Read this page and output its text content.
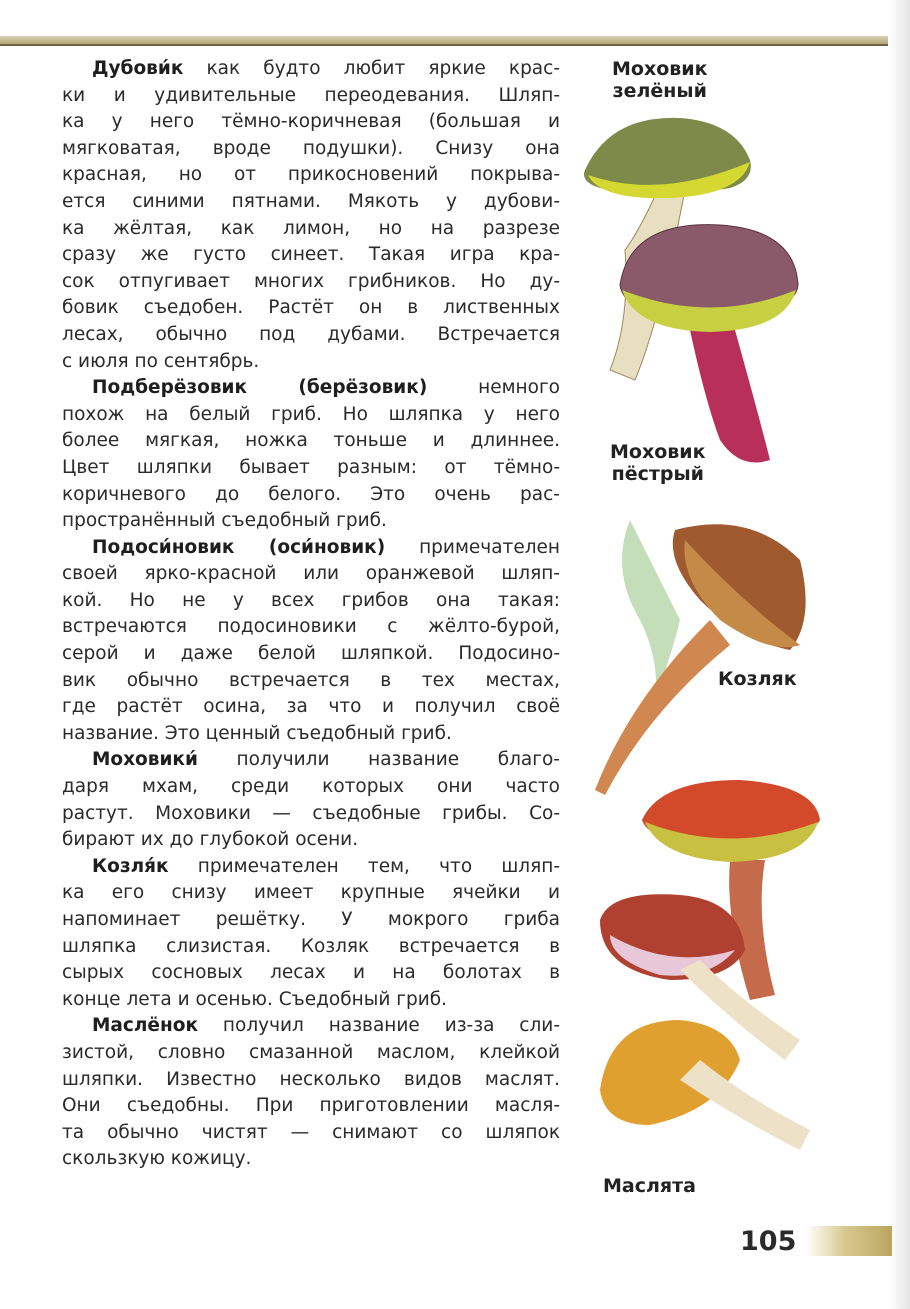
Дубови́к как будто любит яркие крас-
ки и удивительные переодевания. Шляп-
ка у него тёмно-коричневая (большая и
мягковатая, вроде подушки). Снизу она
красная, но от прикосновений покрыва-
ется синими пятнами. Мякоть у дубови-
ка жёлтая, как лимон, но на разрезе
сразу же густо синеет. Такая игра кра-
сок отпугивает многих грибников. Но ду-
бовик съедобен. Растёт он в лиственных
лесах, обычно под дубами. Встречается
с июля по сентябрь.
Подберёзовик (берёзовик) немного
похож на белый гриб. Но шляпка у него
более мягкая, ножка тоньше и длиннее.
Цвет шляпки бывает разным: от тёмно-
коричневого до белого. Это очень рас-
пространённый съедобный гриб.
Подоси́новик (оси́новик) примечателен
своей ярко-красной или оранжевой шляп-
кой. Но не у всех грибов она такая:
встречаются подосиновики с жёлто-бурой,
серой и даже белой шляпкой. Подосино-
вик обычно встречается в тех местах,
где растёт осина, за что и получил своё
название. Это ценный съедобный гриб.
Моховики́ получили название благо-
даря мхам, среди которых они часто
растут. Моховики — съедобные грибы. Со-
бирают их до глубокой осени.
Козля́к примечателен тем, что шляп-
ка его снизу имеет крупные ячейки и
напоминает решётку. У мокрого гриба
шляпка слизистая. Козляк встречается в
сырых сосновых лесах и на болотах в
конце лета и осенью. Съедобный гриб.
Маслёнок получил название из-за сли-
зистой, словно смазанной маслом, клейкой
шляпки. Известно несколько видов маслят.
Они съедобны. При приготовлении масля-
та обычно чистят — снимают со шляпок
скользкую кожицу.
Моховик
зелёный
Моховик
пёстрый
Козляк
Маслята
105
